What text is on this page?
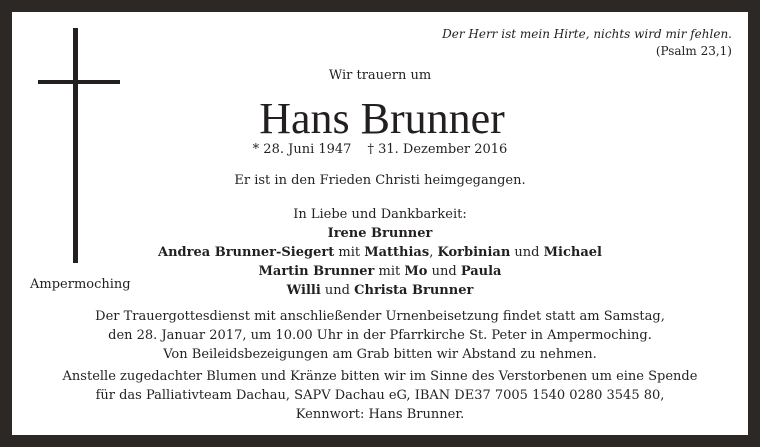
Der Herr ist mein Hirte, nichts wird mir fehlen.
(Psalm 23,1)
Wir trauern um
Hans Brunner
* 28. Juni 1947 † 31. Dezember 2016
Er ist in den Frieden Christi heimgegangen.
In Liebe und Dankbarkeit:
Irene Brunner
Andrea Brunner-Siegert mit Matthias, Korbinian und Michael
Martin Brunner mit Mo und Paula
Willi und Christa Brunner
Ampermoching
Der Trauergottesdienst mit anschließender Urnenbeisetzung findet statt am Samstag,
den 28. Januar 2017, um 10.00 Uhr in der Pfarrkirche St. Peter in Ampermoching.
Von Beileidsbezeigungen am Grab bitten wir Abstand zu nehmen.
Anstelle zugedachter Blumen und Kränze bitten wir im Sinne des Verstorbenen um eine Spende
für das Palliativteam Dachau, SAPV Dachau eG, IBAN DE37 7005 1540 0280 3545 80,
Kennwort: Hans Brunner.
